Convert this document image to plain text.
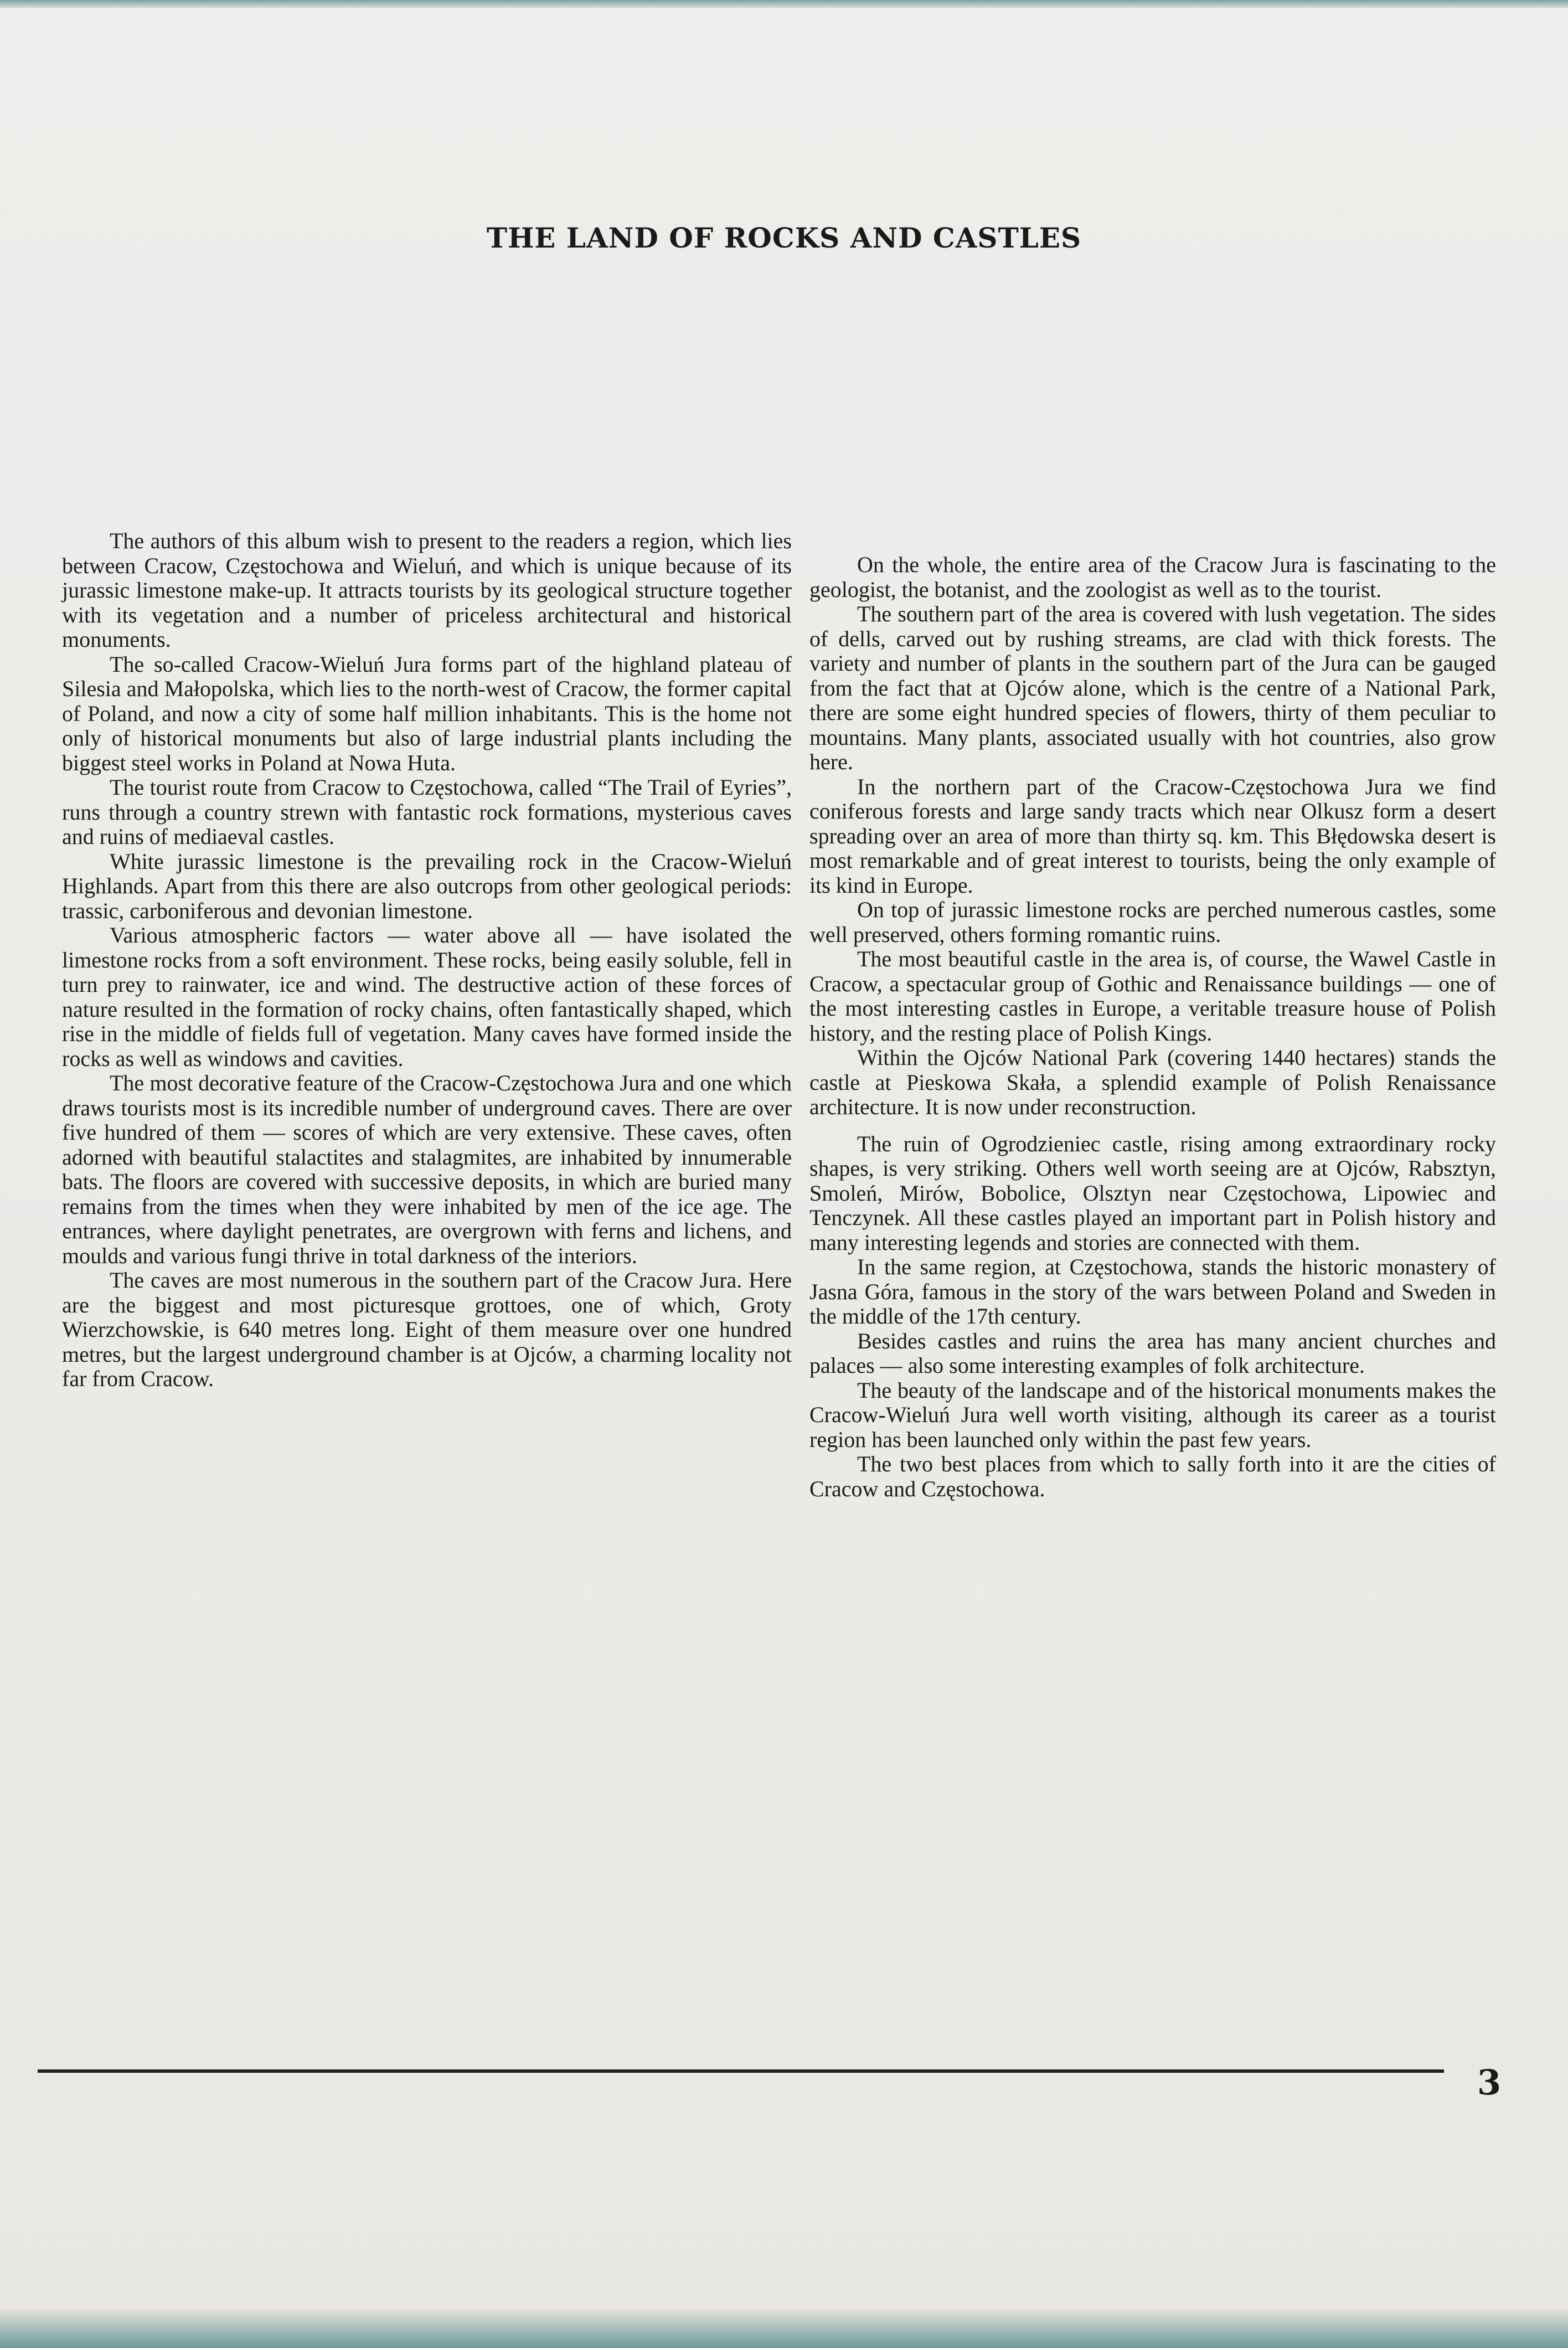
THE LAND OF ROCKS AND CASTLES

The authors of this album wish to present to the readers a region, which lies between Cracow, Częstochowa and Wieluń, and which is unique because of its jurassic limestone make-up. It attracts tourists by its geological structure together with its vegetation and a number of priceless architectural and historical monuments.

The so-called Cracow-Wieluń Jura forms part of the highland plateau of Silesia and Małopolska, which lies to the north-west of Cracow, the former capital of Poland, and now a city of some half million inhabitants. This is the home not only of historical monuments but also of large industrial plants including the biggest steel works in Poland at Nowa Huta.

The tourist route from Cracow to Częstochowa, called “The Trail of Eyries”, runs through a country strewn with fantastic rock formations, mysterious caves and ruins of mediaeval castles.

White jurassic limestone is the prevailing rock in the Cracow-Wieluń Highlands. Apart from this there are also outcrops from other geological periods: trassic, carboniferous and devonian limestone.

Various atmospheric factors — water above all — have isolated the limestone rocks from a soft environment. These rocks, being easily soluble, fell in turn prey to rainwater, ice and wind. The destructive action of these forces of nature resulted in the formation of rocky chains, often fantastically shaped, which rise in the middle of fields full of vegetation. Many caves have formed inside the rocks as well as windows and cavities.

The most decorative feature of the Cracow-Częstochowa Jura and one which draws tourists most is its incredible number of underground caves. There are over five hundred of them — scores of which are very extensive. These caves, often adorned with beautiful stalactites and stalagmites, are inhabited by innumerable bats. The floors are covered with successive deposits, in which are buried many remains from the times when they were inhabited by men of the ice age. The entrances, where daylight penetrates, are overgrown with ferns and lichens, and moulds and various fungi thrive in total darkness of the interiors.

The caves are most numerous in the southern part of the Cracow Jura. Here are the biggest and most picturesque grottoes, one of which, Groty Wierzchowskie, is 640 metres long. Eight of them measure over one hundred metres, but the largest underground chamber is at Ojców, a charming locality not far from Cracow.

On the whole, the entire area of the Cracow Jura is fascinating to the geologist, the botanist, and the zoologist as well as to the tourist.

The southern part of the area is covered with lush vegetation. The sides of dells, carved out by rushing streams, are clad with thick forests. The variety and number of plants in the southern part of the Jura can be gauged from the fact that at Ojców alone, which is the centre of a National Park, there are some eight hundred species of flowers, thirty of them peculiar to mountains. Many plants, associated usually with hot countries, also grow here.

In the northern part of the Cracow-Częstochowa Jura we find coniferous forests and large sandy tracts which near Olkusz form a desert spreading over an area of more than thirty sq. km. This Błędowska desert is most remarkable and of great interest to tourists, being the only example of its kind in Europe.

On top of jurassic limestone rocks are perched numerous castles, some well preserved, others forming romantic ruins.

The most beautiful castle in the area is, of course, the Wawel Castle in Cracow, a spectacular group of Gothic and Renaissance buildings — one of the most interesting castles in Europe, a veritable treasure house of Polish history, and the resting place of Polish Kings.

Within the Ojców National Park (covering 1440 hectares) stands the castle at Pieskowa Skała, a splendid example of Polish Renaissance architecture. It is now under reconstruction.

The ruin of Ogrodzieniec castle, rising among extraordinary rocky shapes, is very striking. Others well worth seeing are at Ojców, Rabsztyn, Smoleń, Mirów, Bobolice, Olsztyn near Częstochowa, Lipowiec and Tenczynek. All these castles played an important part in Polish history and many interesting legends and stories are connected with them.

In the same region, at Częstochowa, stands the historic monastery of Jasna Góra, famous in the story of the wars between Poland and Sweden in the middle of the 17th century.

Besides castles and ruins the area has many ancient churches and palaces — also some interesting examples of folk architecture.

The beauty of the landscape and of the historical monuments makes the Cracow-Wieluń Jura well worth visiting, although its career as a tourist region has been launched only within the past few years.

The two best places from which to sally forth into it are the cities of Cracow and Częstochowa.

3
